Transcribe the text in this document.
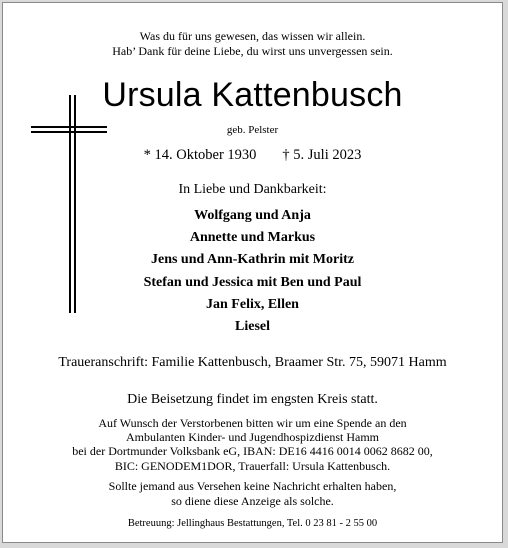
Was du für uns gewesen, das wissen wir allein.
Hab’ Dank für deine Liebe, du wirst uns unvergessen sein.
Ursula Kattenbusch
geb. Pelster
* 14. Oktober 1930 † 5. Juli 2023
In Liebe und Dankbarkeit:
Wolfgang und Anja
Annette und Markus
Jens und Ann-Kathrin mit Moritz
Stefan und Jessica mit Ben und Paul
Jan Felix, Ellen
Liesel
Traueranschrift: Familie Kattenbusch, Braamer Str. 75, 59071 Hamm
Die Beisetzung findet im engsten Kreis statt.
Auf Wunsch der Verstorbenen bitten wir um eine Spende an den
Ambulanten Kinder- und Jugendhospizdienst Hamm
bei der Dortmunder Volksbank eG, IBAN: DE16 4416 0014 0062 8682 00,
BIC: GENODEM1DOR, Trauerfall: Ursula Kattenbusch.
Sollte jemand aus Versehen keine Nachricht erhalten haben,
so diene diese Anzeige als solche.
Betreuung: Jellinghaus Bestattungen, Tel. 0 23 81 - 2 55 00
